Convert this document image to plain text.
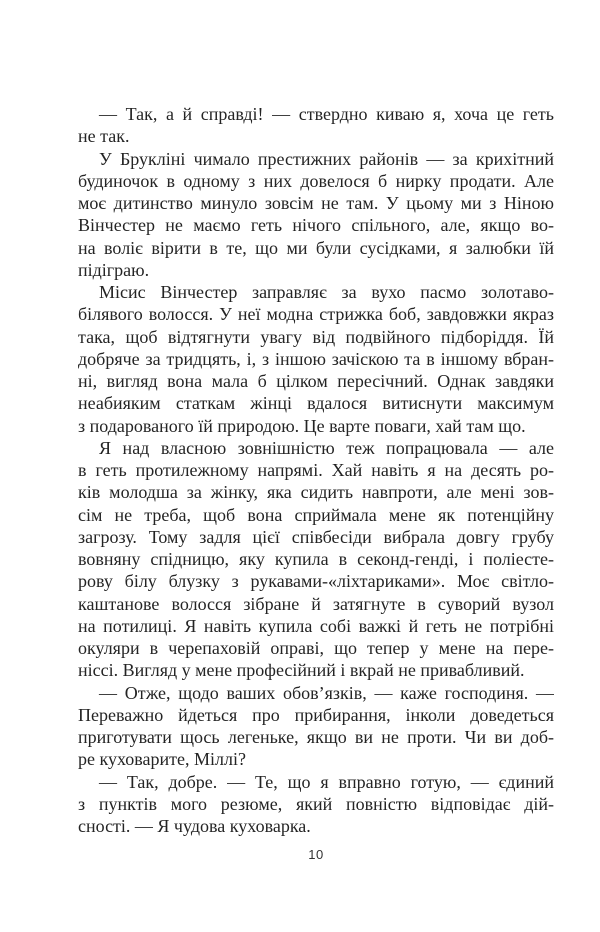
— Так, а й справді! — ствердно киваю я, хоча це геть
не так.
У Брукліні чимало престижних районів — за крихітний
будиночок в одному з них довелося б нирку продати. Але
моє дитинство минуло зовсім не там. У цьому ми з Ніною
Вінчестер не маємо геть нічого спільного, але, якщо во-
на воліє вірити в те, що ми були сусідками, я залюбки їй
підіграю.
Місис Вінчестер заправляє за вухо пасмо золотаво-
білявого волосся. У неї модна стрижка боб, завдовжки якраз
така, щоб відтягнути увагу від подвійного підборіддя. Їй
добряче за тридцять, і, з іншою зачіскою та в іншому вбран-
ні, вигляд вона мала б цілком пересічний. Однак завдяки
неабияким статкам жінці вдалося витиснути максимум
з подарованого їй природою. Це варте поваги, хай там що.
Я над власною зовнішністю теж попрацювала — але
в геть протилежному напрямі. Хай навіть я на десять ро-
ків молодша за жінку, яка сидить навпроти, але мені зов-
сім не треба, щоб вона сприймала мене як потенційну
загрозу. Тому задля цієї співбесіди вибрала довгу грубу
вовняну спідницю, яку купила в секонд-генді, і поліесте-
рову білу блузку з рукавами-«ліхтариками». Моє світло-
каштанове волосся зібране й затягнуте в суворий вузол
на потилиці. Я навіть купила собі важкі й геть не потрібні
окуляри в черепаховій оправі, що тепер у мене на пере-
ніссі. Вигляд у мене професійний і вкрай не привабливий.
— Отже, щодо ваших обов’язків, — каже господиня. —
Переважно йдеться про прибирання, інколи доведеться
приготувати щось легеньке, якщо ви не проти. Чи ви доб-
ре куховарите, Міллі?
— Так, добре. — Те, що я вправно готую, — єдиний
з пунктів мого резюме, який повністю відповідає дій-
сності. — Я чудова куховарка.
10
